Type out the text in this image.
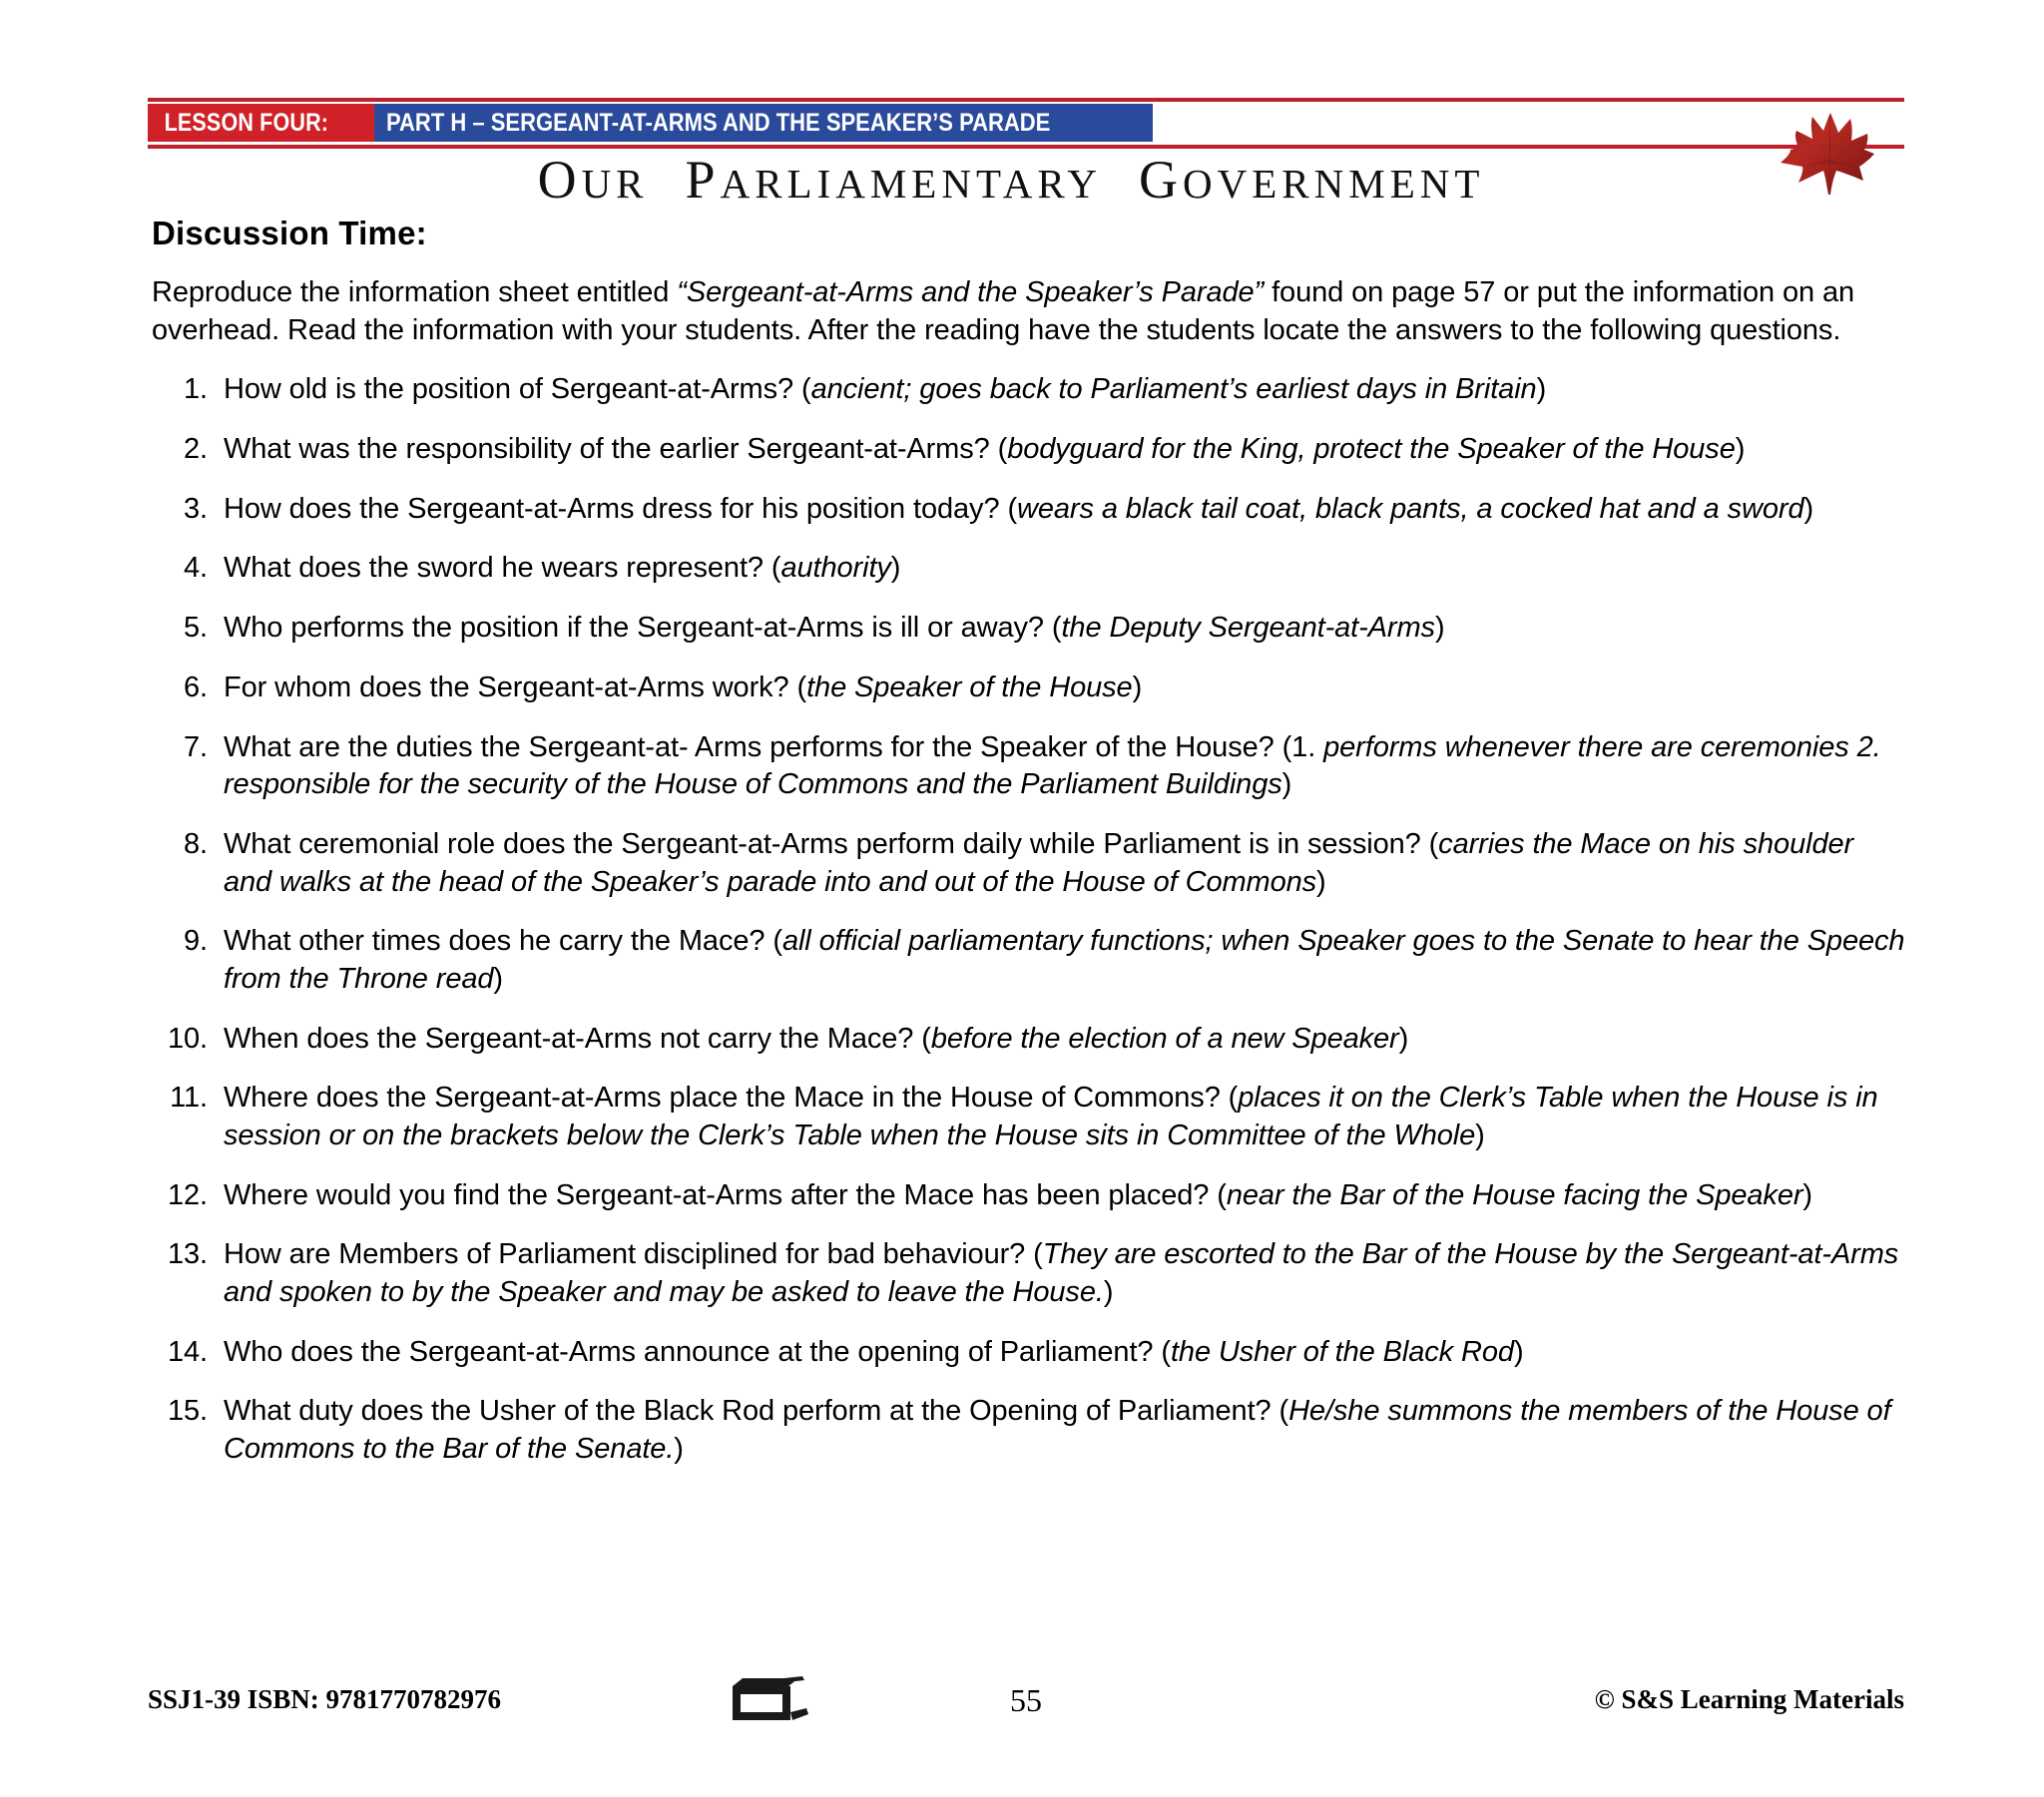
LESSON FOUR:	PART H – SERGEANT-AT-ARMS AND THE SPEAKER’S PARADE
OUR PARLIAMENTARY GOVERNMENT
Discussion Time:

Reproduce the information sheet entitled “Sergeant-at-Arms and the Speaker’s Parade” found on page 57 or put the information on an overhead. Read the information with your students. After the reading have the students locate the answers to the following questions.

1. How old is the position of Sergeant-at-Arms? (ancient; goes back to Parliament’s earliest days in Britain)
2. What was the responsibility of the earlier Sergeant-at-Arms? (bodyguard for the King, protect the Speaker of the House)
3. How does the Sergeant-at-Arms dress for his position today? (wears a black tail coat, black pants, a cocked hat and a sword)
4. What does the sword he wears represent? (authority)
5. Who performs the position if the Sergeant-at-Arms is ill or away? (the Deputy Sergeant-at-Arms)
6. For whom does the Sergeant-at-Arms work? (the Speaker of the House)
7. What are the duties the Sergeant-at- Arms performs for the Speaker of the House? (1. performs whenever there are ceremonies 2. responsible for the security of the House of Commons and the Parliament Buildings)
8. What ceremonial role does the Sergeant-at-Arms perform daily while Parliament is in session? (carries the Mace on his shoulder and walks at the head of the Speaker’s parade into and out of the House of Commons)
9. What other times does he carry the Mace? (all official parliamentary functions; when Speaker goes to the Senate to hear the Speech from the Throne read)
10. When does the Sergeant-at-Arms not carry the Mace? (before the election of a new Speaker)
11. Where does the Sergeant-at-Arms place the Mace in the House of Commons? (places it on the Clerk’s Table when the House is in session or on the brackets below the Clerk’s Table when the House sits in Committee of the Whole)
12. Where would you find the Sergeant-at-Arms after the Mace has been placed? (near the Bar of the House facing the Speaker)
13. How are Members of Parliament disciplined for bad behaviour? (They are escorted to the Bar of the House by the Sergeant-at-Arms and spoken to by the Speaker and may be asked to leave the House.)
14. Who does the Sergeant-at-Arms announce at the opening of Parliament? (the Usher of the Black Rod)
15. What duty does the Usher of the Black Rod perform at the Opening of Parliament? (He/she summons the members of the House of Commons to the Bar of the Senate.)
SSJ1-39 ISBN: 9781770782976	55	© S&S Learning Materials
